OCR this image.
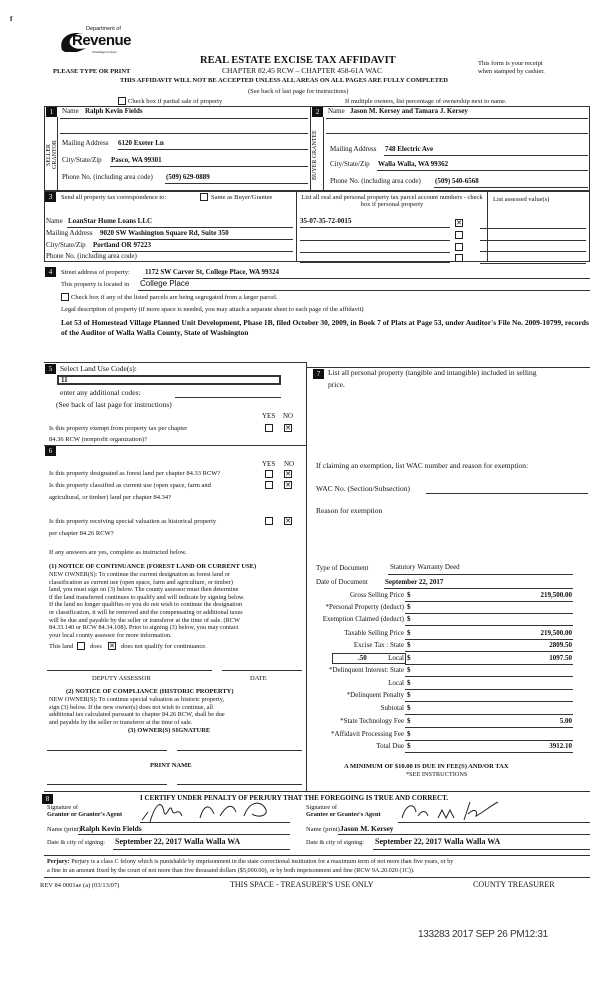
f
Department of
Revenue
Washington State
PLEASE TYPE OR PRINT
REAL ESTATE EXCISE TAX AFFIDAVIT
CHAPTER 82.45 RCW – CHAPTER 458-61A WAC
THIS AFFIDAVIT WILL NOT BE ACCEPTED UNLESS ALL AREAS ON ALL PAGES ARE FULLY COMPLETED
This form is your receipt
when stamped by cashier.
(See back of last page for instructions)
Check box if partial sale of property	If multiple owners, list percentage of ownership next to name.
1	2
SELLER GRANTOR	BUYER GRANTEE
Name Ralph Kevin Fields
Mailing Address 6120 Exeter Ln
City/State/Zip Pasco, WA 99301
Phone No. (including area code) (509) 629-0889
Name Jason M. Kersey and Tamara J. Kersey
Mailing Address 748 Electric Ave
City/State/Zip Walla Walla, WA 99362
Phone No. (including area code) (509) 540-6568
3	Send all property tax correspondence to:	Same as Buyer/Grantee
Name LoanStar Home Loans LLC
Mailing Address 9020 SW Washington Square Rd, Suite 350
City/State/Zip Portland OR 97223
Phone No. (including area code)
List all real and personal property tax parcel account numbers - check box if personal property
35-07-35-72-0015
✕
List assessed value(s)
4	Street address of property: 1172 SW Carver St, College Place, WA 99324
This property is located in College Place
Check box if any of the listed parcels are being segregated from a larger parcel.
Legal description of property (if more space is needed, you may attach a separate sheet to each page of the affidavit)
Lot 53 of Homestead Village Planned Unit Development, Phase 1B, filed October 30, 2009, in Book 7 of Plats at Page 53, under Auditor's File No. 2009-10799, records of the Auditor of Walla Walla County, State of Washington
5	Select Land Use Code(s):
11
enter any additional codes:
(See back of last page for instructions)
YES NO
Is this property exempt from property tax per chapter
84.36 RCW (nonprofit organization)?
✕
6
7	List all personal property (tangible and intangible) included in selling
price.
If claiming an exemption, list WAC number and reason for exemption:
WAC No. (Section/Subsection)
Reason for exemption
YES NO
Is this property designated as forest land per chapter 84.33 RCW?
✕
Is this property classified as current use (open space, farm and
agricultural, or timber) land per chapter 84.34?
✕
Is this property receiving special valuation as historical property
per chapter 84.26 RCW?
✕
If any answers are yes, complete as instructed below.
(1) NOTICE OF CONTINUANCE (FOREST LAND OR CURRENT USE)
NEW OWNER(S): To continue the current designation as forest land or
classification as current use (open space, farm and agriculture, or timber)
land, you must sign on (3) below. The county assessor must then determine
if the land transferred continues to qualify and will indicate by signing below.
If the land no longer qualifies or you do not wish to continue the designation
or classification, it will be removed and the compensating or additional taxes
will be due and payable by the seller or transferor at the time of sale. (RCW
84.33.140 or RCW 84.34.108). Prior to signing (3) below, you may contact
your local county assessor for more information.
This land	does ✕	does not qualify for continuance.
DEPUTY ASSESSOR	DATE
(2) NOTICE OF COMPLIANCE (HISTORIC PROPERTY)
NEW OWNER(S): To continue special valuation as historic property,
sign (3) below. If the new owner(s) does not wish to continue, all
additional tax calculated pursuant to chapter 84.26 RCW, shall be due
and payable by the seller or transferor at the time of sale.
(3) OWNER(S) SIGNATURE
PRINT NAME
Type of Document	Statutory Warranty Deed
Date of Document September 22, 2017
Gross Selling Price $	219,500.00
*Personal Property (deduct) $
Exemption Claimed (deduct) $
Taxable Selling Price $	219,500.00
Excise Tax : State $	2809.50
Local $	1097.50
*Delinquent Interest: State $
Local $
*Delinquent Penalty $
Subtotal $
*State Technology Fee $	5.00
*Affidavit Processing Fee $
Total Due $	3912.10
.50
A MINIMUM OF $10.00 IS DUE IN FEE(S) AND/OR TAX
*SEE INSTRUCTIONS
8	I CERTIFY UNDER PENALTY OF PERJURY THAT THE FOREGOING IS TRUE AND CORRECT.
Signature of
Grantor or Grantor's Agent
Name (print) Ralph Kevin Fields
Date & city of signing: September 22, 2017 Walla Walla WA
Signature of
Grantee or Grantee's Agent
Name (print) Jason M. Kersey
Date & city of signing: September 22, 2017 Walla Walla WA
Perjury: Perjury is a class C felony which is punishable by imprisonment in the state correctional institution for a maximum term of not more than five years, or by
a fine in an amount fixed by the court of not more than five thousand dollars ($5,000.00), or by both imprisonment and fine (RCW 9A.20.020 (1C)).
REV 84 0001ae (a) (03/13/07)	THIS SPACE - TREASURER'S USE ONLY	COUNTY TREASURER
133283 2017 SEP 26 PM12:31
